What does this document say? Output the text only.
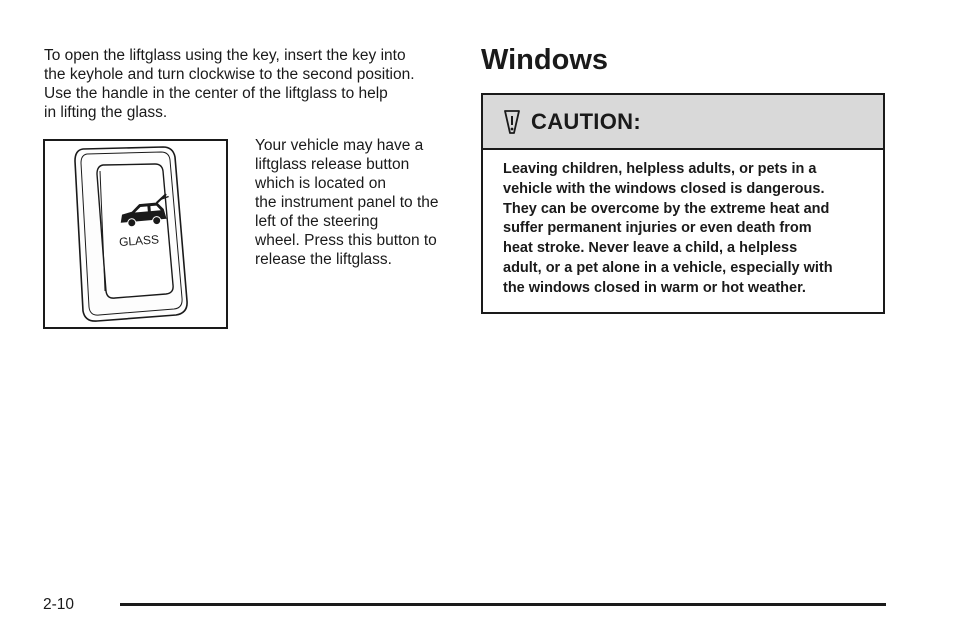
To open the liftglass using the key, insert the key into
the keyhole and turn clockwise to the second position.
Use the handle in the center of the liftglass to help
in lifting the glass.

GLASS

Your vehicle may have a
liftglass release button
which is located on
the instrument panel to the
left of the steering
wheel. Press this button to
release the liftglass.

Windows
CAUTION:

Leaving children, helpless adults, or pets in a
vehicle with the windows closed is dangerous.
They can be overcome by the extreme heat and
suffer permanent injuries or even death from
heat stroke. Never leave a child, a helpless
adult, or a pet alone in a vehicle, especially with
the windows closed in warm or hot weather.

2-10
